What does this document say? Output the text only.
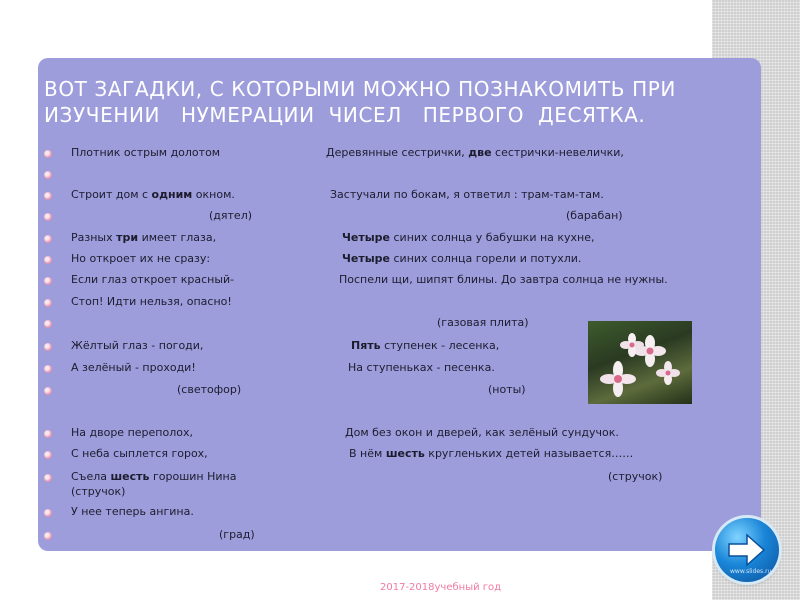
ВОТ ЗАГАДКИ, С КОТОРЫМИ МОЖНО ПОЗНАКОМИТЬ ПРИ
ИЗУЧЕНИИ   НУМЕРАЦИИ  ЧИСЕЛ   ПЕРВОГО  ДЕСЯТКА.
Плотник острым долотом
Строит дом с одним окном.
(дятел)
Разных три имеет глаза,
Но откроет их не сразу:
Если глаз откроет красный-
Стоп! Идти нельзя, опасно!
Жёлтый глаз - погоди,
А зелёный - проходи!
(светофор)
На дворе переполох,
С неба сыплется горох,
Съела шесть горошин Нина
(стручок)
У нее теперь ангина.
(град)
Деревянные сестрички, две сестрички-невелички,
Застучали по бокам, я ответил : трам-там-там.
(барабан)
Четыре синих солнца у бабушки на кухне,
Четыре синих солнца горели и потухли.
Поспели щи, шипят блины. До завтра солнца не нужны.
(газовая плита)
Пять ступенек - лесенка,
На ступеньках - песенка.
(ноты)
Дом без окон и дверей, как зелёный сундучок.
В нём шесть кругленьких детей называется……
(стручок)
2017-2018учебный год
www.slides.ru
